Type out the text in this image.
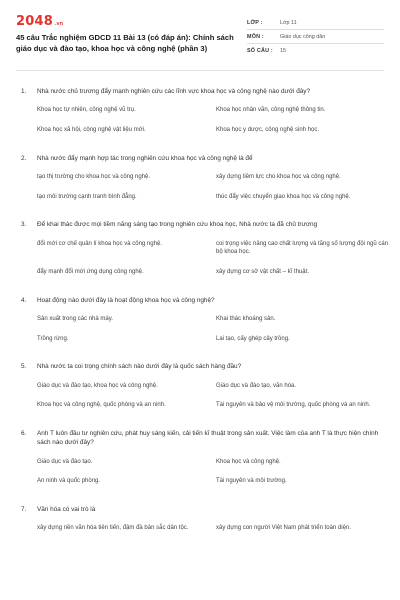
2048 .vn
45 câu Trắc nghiệm GDCD 11 Bài 13 (có đáp án): Chính sách giáo dục và đào tạo, khoa học và công nghệ (phần 3)
LỚP :	Lớp 11
MÔN :	Giáo dục công dân
SỐ CÂU :	15
1.	Nhà nước chủ trương đẩy mạnh nghiên cứu các lĩnh vực khoa học và công nghệ nào dưới đây?
Khoa học tự nhiên, công nghệ vũ trụ.	Khoa học nhân văn, công nghệ thông tin.
Khoa học xã hội, công nghệ vật liệu mới.	Khoa học y dược, công nghệ sinh học.
2.	Nhà nước đẩy mạnh hợp tác trong nghiên cứu khoa học và công nghệ là để
tạo thị trường cho khoa học và công nghệ.	xây dựng tiềm lực cho khoa học và công nghệ.
tạo môi trường cạnh tranh bình đẳng.	thúc đẩy việc chuyển giao khoa học và công nghệ.
3.	Để khai thác được mọi tiềm năng sáng tạo trong nghiên cứu khoa học, Nhà nước ta đã chủ trương
đổi mới cơ chế quản lí khoa học và công nghệ.	coi trọng việc nâng cao chất lượng và tăng số lượng đội ngũ cán bộ khoa học.
đẩy mạnh đổi mới ứng dụng công nghệ.	xây dựng cơ sở vật chất – kĩ thuật.
4.	Hoạt động nào dưới đây là hoạt động khoa học và công nghệ?
Sản xuất trong các nhà máy.	Khai thác khoáng sản.
Trồng rừng.	Lai tạo, cấy ghép cây trồng.
5.	Nhà nước ta coi trọng chính sách nào dưới đây là quốc sách hàng đầu?
Giáo dục và đào tạo, khoa học và công nghệ.	Giáo dục và đào tạo, văn hóa.
Khoa học và công nghệ, quốc phòng và an ninh.	Tài nguyên và bảo vệ môi trường, quốc phòng và an ninh.
6.	Anh T luôn đầu tư nghiên cứu, phát huy sáng kiến, cải tiến kĩ thuật trong sản xuất. Việc làm của anh T là thực hiện chính sách nào dưới đây?
Giáo dục và đào tạo.	Khoa học và công nghệ.
An ninh và quốc phòng.	Tài nguyên và môi trường.
7.	Văn hóa có vai trò là
xây dựng nền văn hóa tiên tiến, đậm đà bản sắc dân tộc.	xây dựng con người Việt Nam phát triển toàn diện.
